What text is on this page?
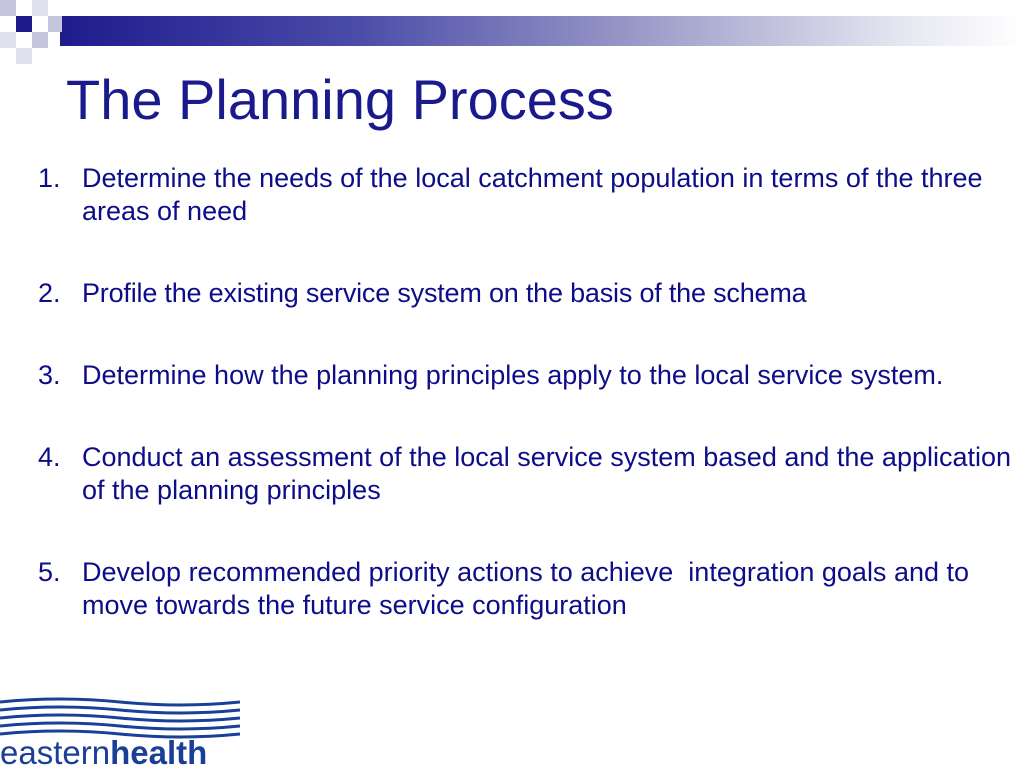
The Planning Process
1. Determine the needs of the local catchment population in terms of the three areas of need
2. Profile the existing service system on the basis of the schema
3. Determine how the planning principles apply to the local service system.
4. Conduct an assessment of the local service system based and the application of the planning principles
5. Develop recommended priority actions to achieve  integration goals and to move towards the future service configuration
easternhealth
